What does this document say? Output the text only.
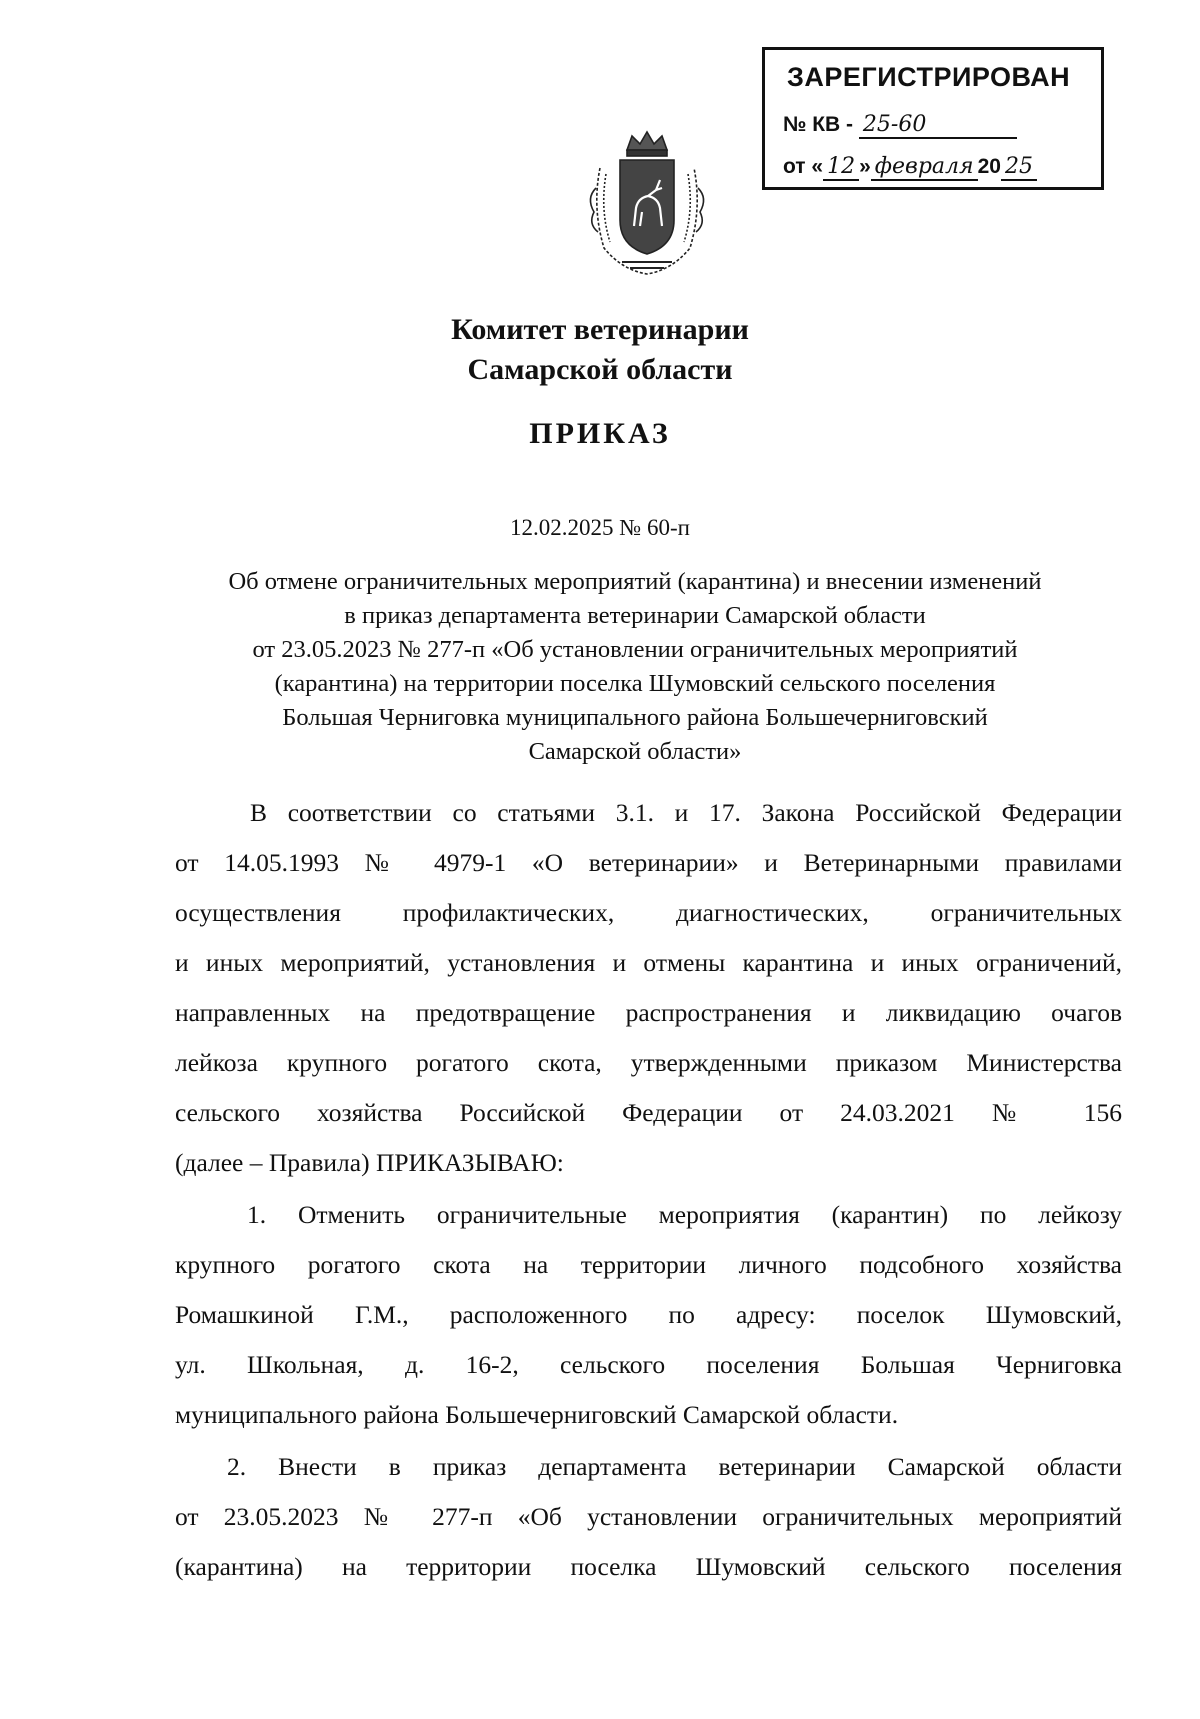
ЗАРЕГИСТРИРОВАН
№ КВ - 25-60
от « 12 » февраля 20 25
Комитет ветеринарии
Самарской области
ПРИКАЗ
12.02.2025 № 60-п
Об отмене ограничительных мероприятий (карантина) и внесении изменений
в приказ департамента ветеринарии Самарской области
от 23.05.2023 № 277-п «Об установлении ограничительных мероприятий
(карантина) на территории поселка Шумовский сельского поселения
Большая Черниговка муниципального района Большечерниговский
Самарской области»
В соответствии со статьями 3.1. и 17. Закона Российской Федерации
от 14.05.1993 № 4979-1 «О ветеринарии» и Ветеринарными правилами
осуществления профилактических, диагностических, ограничительных
и иных мероприятий, установления и отмены карантина и иных ограничений,
направленных на предотвращение распространения и ликвидацию очагов
лейкоза крупного рогатого скота, утвержденными приказом Министерства
сельского хозяйства Российской Федерации от 24.03.2021 № 156
(далее – Правила) ПРИКАЗЫВАЮ:
1. Отменить ограничительные мероприятия (карантин) по лейкозу
крупного рогатого скота на территории личного подсобного хозяйства
Ромашкиной Г.М., расположенного по адресу: поселок Шумовский,
ул. Школьная, д. 16-2, сельского поселения Большая Черниговка
муниципального района Большечерниговский Самарской области.
2. Внести в приказ департамента ветеринарии Самарской области
от 23.05.2023 № 277-п «Об установлении ограничительных мероприятий
(карантина) на территории поселка Шумовский сельского поселения
